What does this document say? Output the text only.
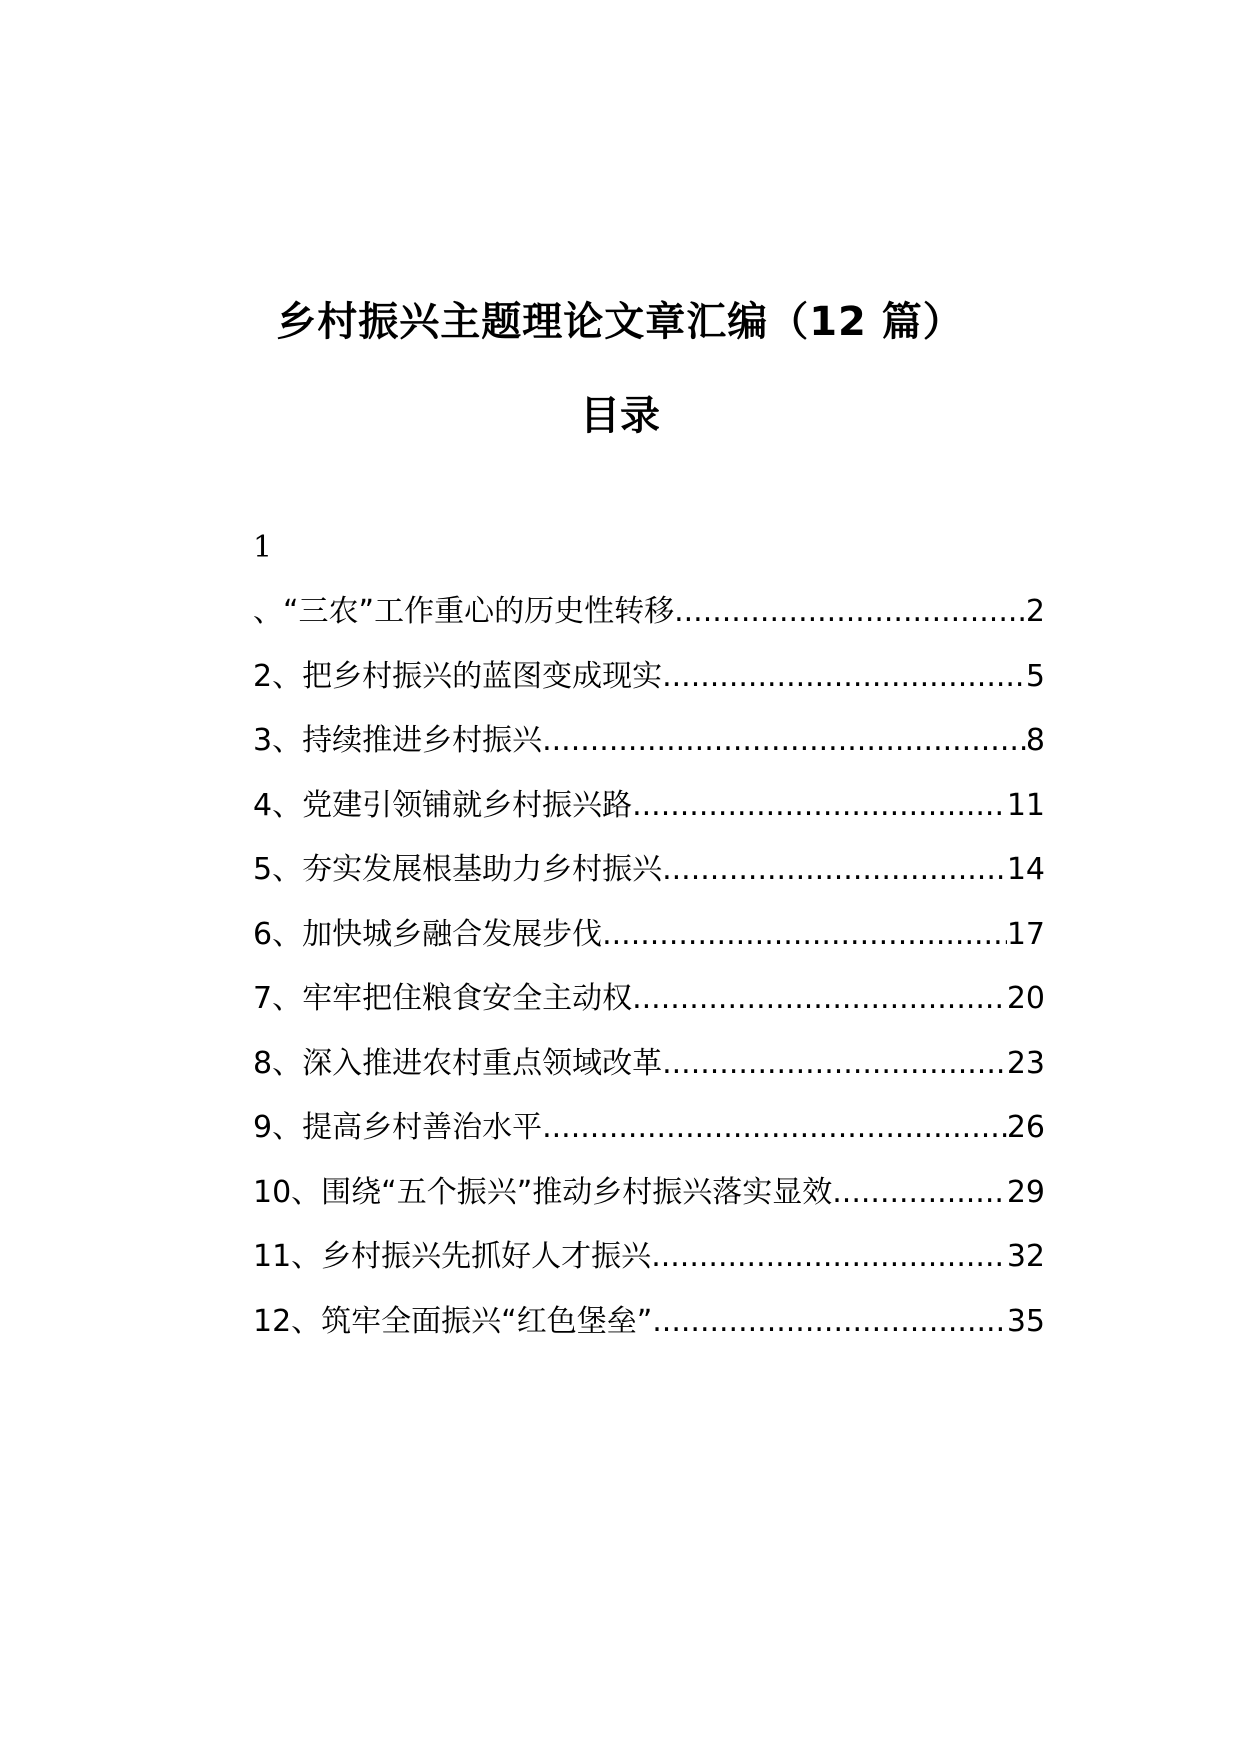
乡村振兴主题理论文章汇编（12 篇）
目录
1
、“三农”工作重心的历史性转移 .....	2
2、把乡村振兴的蓝图变成现实 .....	5
3、持续推进乡村振兴 .....	8
4、党建引领铺就乡村振兴路 .....	11
5、夯实发展根基助力乡村振兴 .....	14
6、加快城乡融合发展步伐 .....	17
7、牢牢把住粮食安全主动权 .....	20
8、深入推进农村重点领域改革 .....	23
9、提高乡村善治水平 .....	26
10、围绕“五个振兴”推动乡村振兴落实显效 .....	29
11、乡村振兴先抓好人才振兴 .....	32
12、筑牢全面振兴“红色堡垒” .....	35
